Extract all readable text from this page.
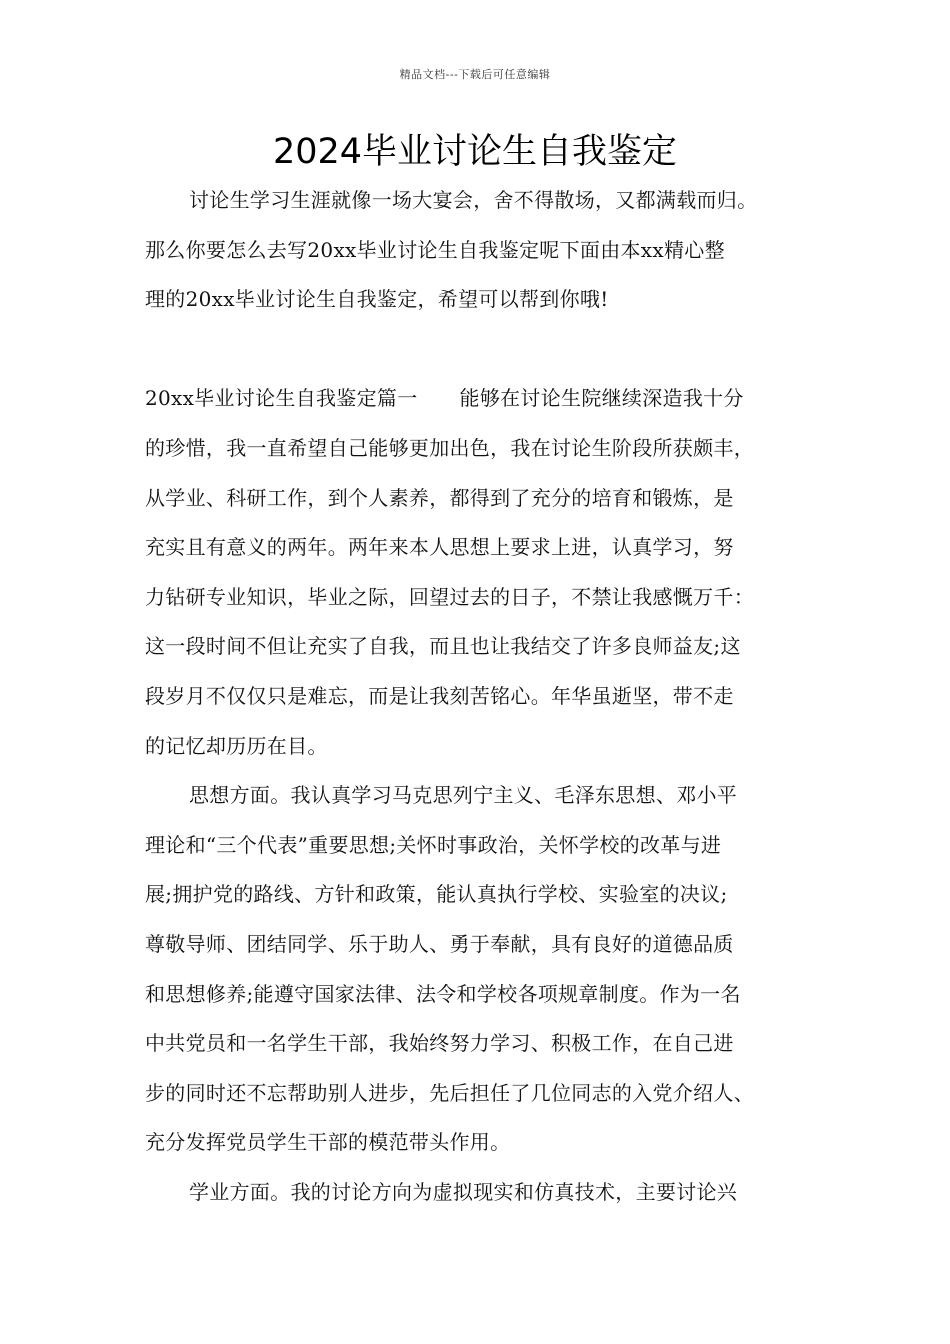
精品文档---下载后可任意编辑
2024毕业讨论生自我鉴定
讨论生学习生涯就像一场大宴会，舍不得散场，又都满载而归。
那么你要怎么去写20xx毕业讨论生自我鉴定呢下面由本xx精心整
理的20xx毕业讨论生自我鉴定，希望可以帮到你哦!
20xx毕业讨论生自我鉴定篇一 能够在讨论生院继续深造我十分
的珍惜，我一直希望自己能够更加出色，我在讨论生阶段所获颇丰，
从学业、科研工作，到个人素养，都得到了充分的培育和锻炼，是
充实且有意义的两年。两年来本人思想上要求上进，认真学习，努
力钻研专业知识，毕业之际，回望过去的日子，不禁让我感慨万千：
这一段时间不但让充实了自我，而且也让我结交了许多良师益友;这
段岁月不仅仅只是难忘，而是让我刻苦铭心。年华虽逝坚，带不走
的记忆却历历在目。
思想方面。我认真学习马克思列宁主义、毛泽东思想、邓小平
理论和“三个代表”重要思想;关怀时事政治，关怀学校的改革与进
展;拥护党的路线、方针和政策，能认真执行学校、实验室的决议;
尊敬导师、团结同学、乐于助人、勇于奉献，具有良好的道德品质
和思想修养;能遵守国家法律、法令和学校各项规章制度。作为一名
中共党员和一名学生干部，我始终努力学习、积极工作，在自己进
步的同时还不忘帮助别人进步，先后担任了几位同志的入党介绍人、
充分发挥党员学生干部的模范带头作用。
学业方面。我的讨论方向为虚拟现实和仿真技术，主要讨论兴
